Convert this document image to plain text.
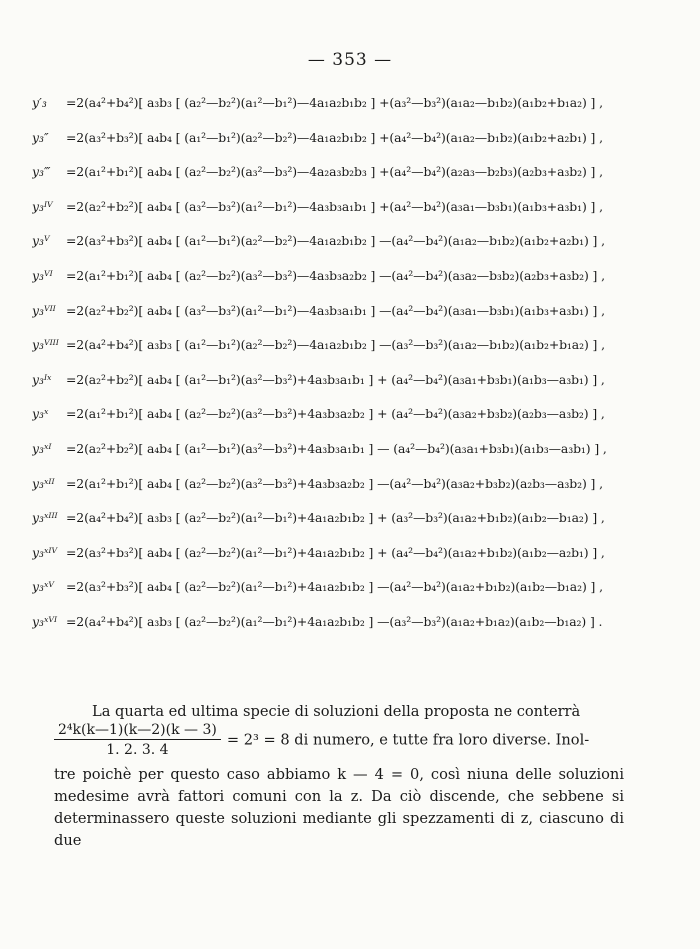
— 353 —
y′₃	=2(a₄²+b₄²)[ a₃b₃ [ (a₂²—b₂²)(a₁²—b₁²)—4a₁a₂b₁b₂ ] +(a₃²—b₃²)(a₁a₂—b₁b₂)(a₁b₂+b₁a₂) ] ,
y₃″	=2(a₃²+b₃²)[ a₄b₄ [ (a₁²—b₁²)(a₂²—b₂²)—4a₁a₂b₁b₂ ] +(a₄²—b₄²)(a₁a₂—b₁b₂)(a₁b₂+a₂b₁) ] ,
y₃‴	=2(a₁²+b₁²)[ a₄b₄ [ (a₂²—b₂²)(a₃²—b₃²)—4a₂a₃b₂b₃ ] +(a₄²—b₄²)(a₂a₃—b₂b₃)(a₂b₃+a₃b₂) ] ,
y₃ᴵⱽ	=2(a₂²+b₂²)[ a₄b₄ [ (a₃²—b₃²)(a₁²—b₁²)—4a₃b₃a₁b₁ ] +(a₄²—b₄²)(a₃a₁—b₃b₁)(a₁b₃+a₃b₁) ] ,
y₃ⱽ	=2(a₃²+b₃²)[ a₄b₄ [ (a₁²—b₁²)(a₂²—b₂²)—4a₁a₂b₁b₂ ] —(a₄²—b₄²)(a₁a₂—b₁b₂)(a₁b₂+a₂b₁) ] ,
y₃ⱽᴵ	=2(a₁²+b₁²)[ a₄b₄ [ (a₂²—b₂²)(a₃²—b₃²)—4a₃b₃a₂b₂ ] —(a₄²—b₄²)(a₃a₂—b₃b₂)(a₂b₃+a₃b₂) ] ,
y₃ⱽᴵᴵ =2(a₂²+b₂²)[ a₄b₄ [ (a₃²—b₃²)(a₁²—b₁²)—4a₃b₃a₁b₁ ] —(a₄²—b₄²)(a₃a₁—b₃b₁)(a₁b₃+a₃b₁) ] ,
y₃ⱽᴵᴵᴵ =2(a₄²+b₄²)[ a₃b₃ [ (a₁²—b₁²)(a₂²—b₂²)—4a₁a₂b₁b₂ ] —(a₃²—b₃²)(a₁a₂—b₁b₂)(a₁b₂+b₁a₂) ] ,
y₃ᴵˣ	=2(a₂²+b₂²)[ a₄b₄ [ (a₁²—b₁²)(a₃²—b₃²)+4a₃b₃a₁b₁ ] + (a₄²—b₄²)(a₃a₁+b₃b₁)(a₁b₃—a₃b₁) ] ,
y₃ˣ	=2(a₁²+b₁²)[ a₄b₄ [ (a₂²—b₂²)(a₃²—b₃²)+4a₃b₃a₂b₂ ] + (a₄²—b₄²)(a₃a₂+b₃b₂)(a₂b₃—a₃b₂) ] ,
y₃ˣᴵ	=2(a₂²+b₂²)[ a₄b₄ [ (a₁²—b₁²)(a₃²—b₃²)+4a₃b₃a₁b₁ ] — (a₄²—b₄²)(a₃a₁+b₃b₁)(a₁b₃—a₃b₁) ] ,
y₃ˣᴵᴵ =2(a₁²+b₁²)[ a₄b₄ [ (a₂²—b₂²)(a₃²—b₃²)+4a₃b₃a₂b₂ ] —(a₄²—b₄²)(a₃a₂+b₃b₂)(a₂b₃—a₃b₂) ] ,
y₃ˣᴵᴵᴵ =2(a₄²+b₄²)[ a₃b₃ [ (a₂²—b₂²)(a₁²—b₁²)+4a₁a₂b₁b₂ ] + (a₃²—b₃²)(a₁a₂+b₁b₂)(a₁b₂—b₁a₂) ] ,
y₃ˣᴵⱽ =2(a₃²+b₃²)[ a₄b₄ [ (a₂²—b₂²)(a₁²—b₁²)+4a₁a₂b₁b₂ ] + (a₄²—b₄²)(a₁a₂+b₁b₂)(a₁b₂—a₂b₁) ] ,
y₃ˣⱽ =2(a₃²+b₃²)[ a₄b₄ [ (a₂²—b₂²)(a₁²—b₁²)+4a₁a₂b₁b₂ ] —(a₄²—b₄²)(a₁a₂+b₁b₂)(a₁b₂—b₁a₂) ] ,
y₃ˣⱽᴵ =2(a₄²+b₄²)[ a₃b₃ [ (a₂²—b₂²)(a₁²—b₁²)+4a₁a₂b₁b₂ ] —(a₃²—b₃²)(a₁a₂+b₁a₂)(a₁b₂—b₁a₂) ] .
La quarta ed ultima specie di soluzioni della proposta ne conterrà
$\frac{\text{2⁴k(k—1)(k—2)(k — 3)}}{1. 2. 3. 4} = 2^3 = 8$ di numero, e tutte fra loro diverse. Inol-
tre poichè per questo caso abbiamo k — 4 = 0, così niuna delle soluzioni medesime avrà fattori comuni con la z. Da ciò discende, che sebbene si determinassero queste soluzioni mediante gli spezzamenti di z, ciascuno di due
